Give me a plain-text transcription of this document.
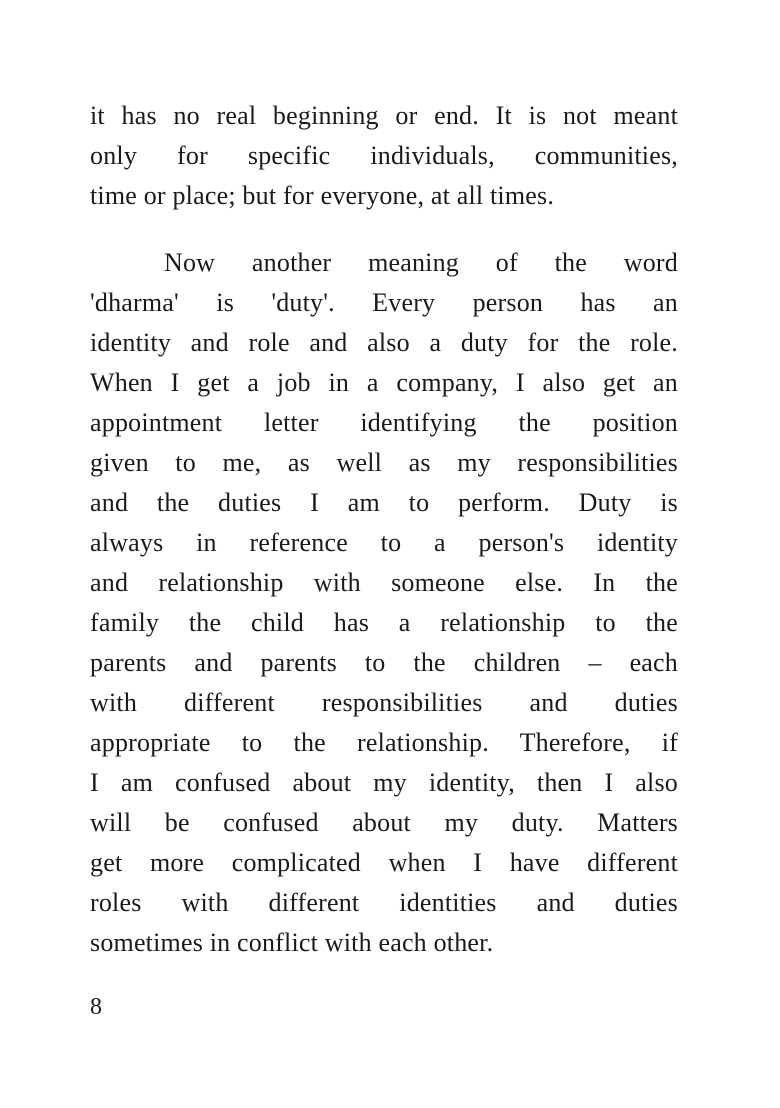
it has no real beginning or end. It is not meant
only for specific individuals, communities,
time or place; but for everyone, at all times.
Now another meaning of the word
'dharma' is 'duty'. Every person has an
identity and role and also a duty for the role.
When I get a job in a company, I also get an
appointment letter identifying the position
given to me, as well as my responsibilities
and the duties I am to perform. Duty is
always in reference to a person's identity
and relationship with someone else. In the
family the child has a relationship to the
parents and parents to the children – each
with different responsibilities and duties
appropriate to the relationship. Therefore, if
I am confused about my identity, then I also
will be confused about my duty. Matters
get more complicated when I have different
roles with different identities and duties
sometimes in conflict with each other.
8
